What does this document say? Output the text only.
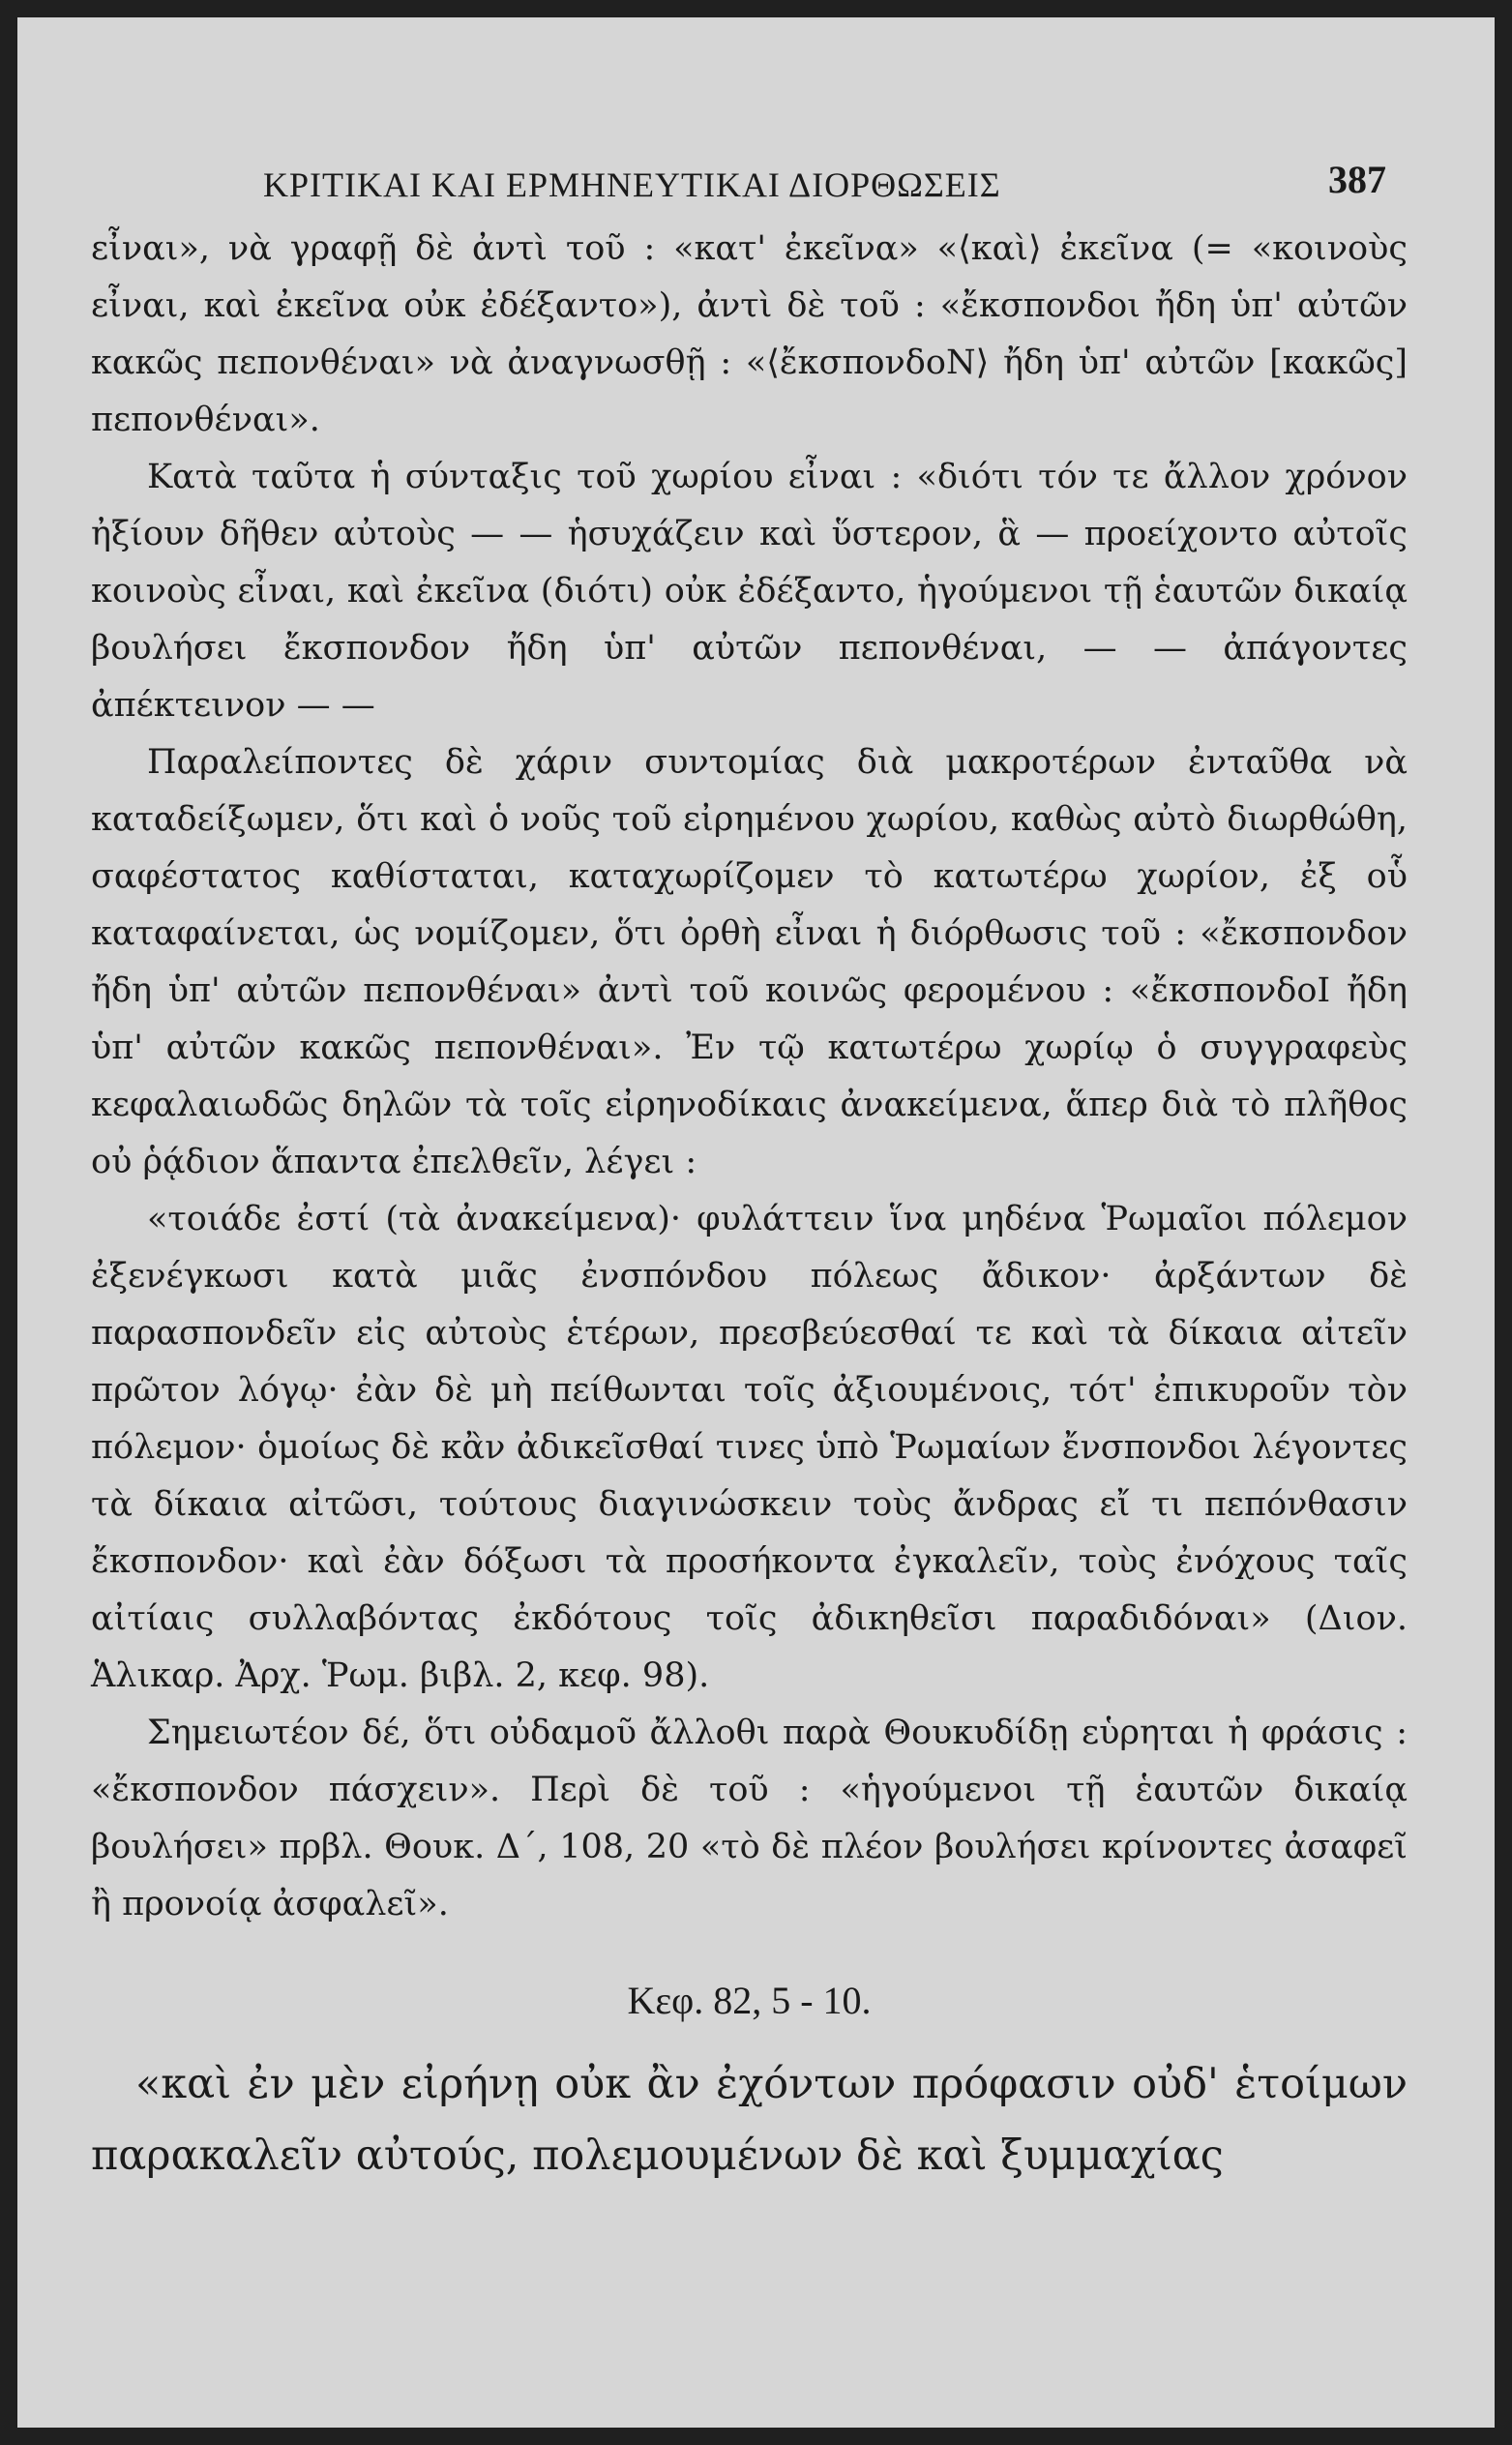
ΚΡΙΤΙΚΑΙ ΚΑΙ ΕΡΜΗΝΕΥΤΙΚΑΙ ΔΙΟΡΘΩΣΕΙΣ	387

εἶναι», νὰ γραφῇ δὲ ἀντὶ τοῦ : «κατ' ἐκεῖνα» «⟨καὶ⟩ ἐκεῖνα (= «κοινοὺς εἶναι, καὶ ἐκεῖνα οὐκ ἐδέξαντο»), ἀντὶ δὲ τοῦ : «ἔκσπονδοι ἤδη ὑπ' αὐτῶν κακῶς πεπονθέναι» νὰ ἀναγνωσθῇ : «⟨ἔκσπονδοΝ⟩ ἤδη ὑπ' αὐτῶν [κακῶς] πεπονθέναι».

Κατὰ ταῦτα ἡ σύνταξις τοῦ χωρίου εἶναι : «διότι τόν τε ἄλλον χρόνον ἠξίουν δῆθεν αὐτοὺς — — ἡσυχάζειν καὶ ὕστερον, ἃ — προείχοντο αὐτοῖς κοινοὺς εἶναι, καὶ ἐκεῖνα (διότι) οὐκ ἐδέξαντο, ἡγούμενοι τῇ ἑαυτῶν δικαίᾳ βουλήσει ἔκσπονδον ἤδη ὑπ' αὐτῶν πεπονθέναι, — — ἀπάγοντες ἀπέκτεινον — —

Παραλείποντες δὲ χάριν συντομίας διὰ μακροτέρων ἐνταῦθα νὰ καταδείξωμεν, ὅτι καὶ ὁ νοῦς τοῦ εἰρημένου χωρίου, καθὼς αὐτὸ διωρθώθη, σαφέστατος καθίσταται, καταχωρίζομεν τὸ κατωτέρω χωρίον, ἐξ οὗ καταφαίνεται, ὡς νομίζομεν, ὅτι ὀρθὴ εἶναι ἡ διόρθωσις τοῦ : «ἔκσπονδον ἤδη ὑπ' αὐτῶν πεπονθέναι» ἀντὶ τοῦ κοινῶς φερομένου : «ἔκσπονδοΙ ἤδη ὑπ' αὐτῶν κακῶς πεπονθέναι». Ἐν τῷ κατωτέρω χωρίῳ ὁ συγγραφεὺς κεφαλαιωδῶς δηλῶν τὰ τοῖς εἰρηνοδίκαις ἀνακείμενα, ἅπερ διὰ τὸ πλῆθος οὐ ῥᾴδιον ἅπαντα ἐπελθεῖν, λέγει :

«τοιάδε ἐστί (τὰ ἀνακείμενα)· φυλάττειν ἵνα μηδένα Ῥωμαῖοι πόλεμον ἐξενέγκωσι κατὰ μιᾶς ἐνσπόνδου πόλεως ἄδικον· ἀρξάντων δὲ παρασπονδεῖν εἰς αὐτοὺς ἑτέρων, πρεσβεύεσθαί τε καὶ τὰ δίκαια αἰτεῖν πρῶτον λόγῳ· ἐὰν δὲ μὴ πείθωνται τοῖς ἀξιουμένοις, τότ' ἐπικυροῦν τὸν πόλεμον· ὁμοίως δὲ κἂν ἀδικεῖσθαί τινες ὑπὸ Ῥωμαίων ἔνσπονδοι λέγοντες τὰ δίκαια αἰτῶσι, τούτους διαγινώσκειν τοὺς ἄνδρας εἴ τι πεπόνθασιν ἔκσπονδον· καὶ ἐὰν δόξωσι τὰ προσήκοντα ἐγκαλεῖν, τοὺς ἐνόχους ταῖς αἰτίαις συλλαβόντας ἐκδότους τοῖς ἀδικηθεῖσι παραδιδόναι» (Διον. Ἁλικαρ. Ἀρχ. Ῥωμ. βιβλ. 2, κεφ. 98).

Σημειωτέον δέ, ὅτι οὐδαμοῦ ἄλλοθι παρὰ Θουκυδίδῃ εὑρηται ἡ φράσις : «ἔκσπονδον πάσχειν». Περὶ δὲ τοῦ : «ἡγούμενοι τῇ ἑαυτῶν δικαίᾳ βουλήσει» πρβλ. Θουκ. Δ΄, 108, 20 «τὸ δὲ πλέον βουλήσει κρίνοντες ἀσαφεῖ ἢ προνοίᾳ ἀσφαλεῖ».

Κεφ. 82, 5 - 10.

«καὶ ἐν μὲν εἰρήνῃ οὐκ ἂν ἐχόντων πρόφασιν οὐδ' ἑτοίμων παρακαλεῖν αὐτούς, πολεμουμένων δὲ καὶ ξυμμαχίας
